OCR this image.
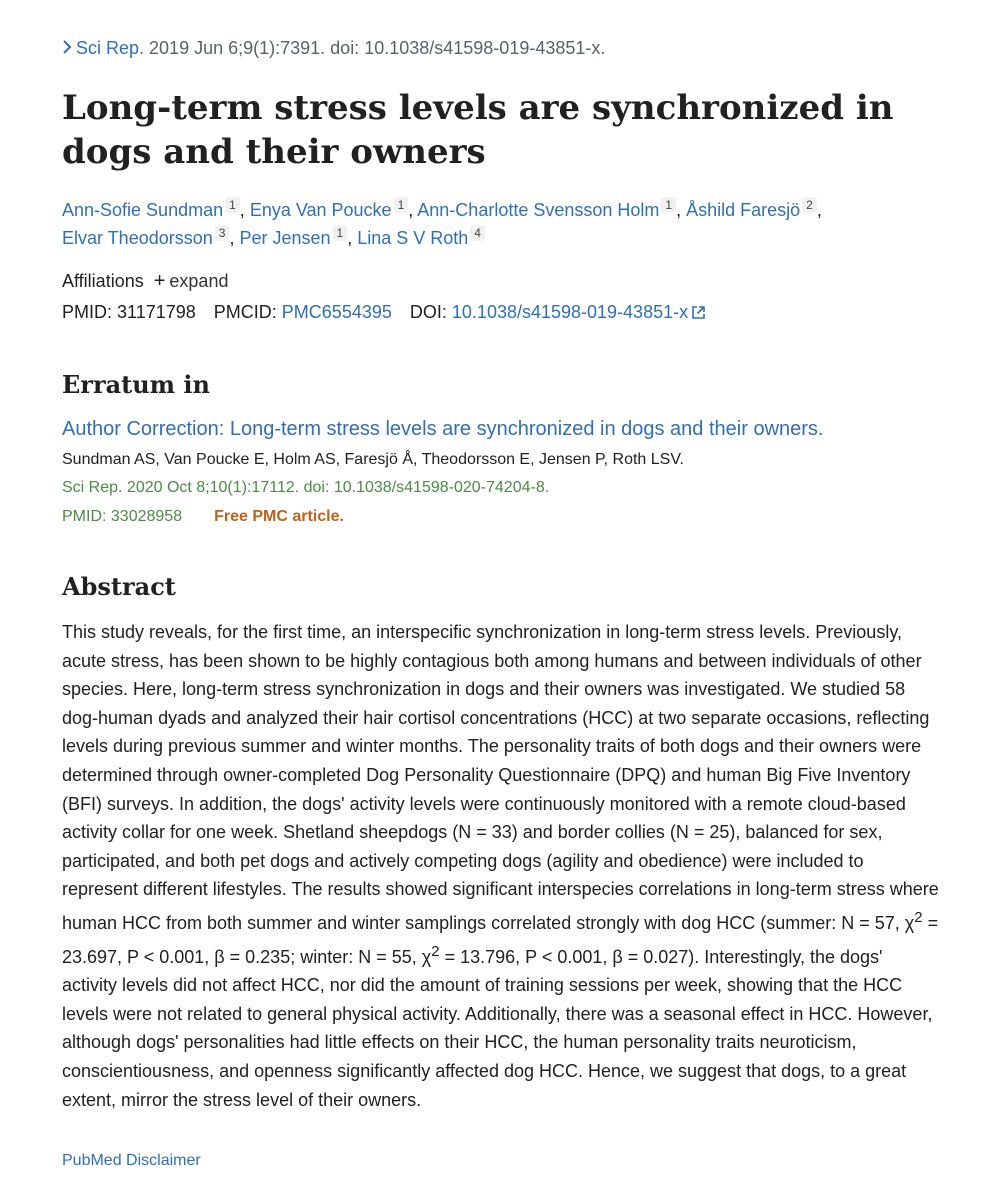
Sci Rep. 2019 Jun 6;9(1):7391. doi: 10.1038/s41598-019-43851-x.
Long-term stress levels are synchronized in dogs and their owners
Ann-Sofie Sundman 1 , Enya Van Poucke 1 , Ann-Charlotte Svensson Holm 1 , Åshild Faresjö 2 ,
Elvar Theodorsson 3 , Per Jensen 1 , Lina S V Roth 4
Affiliations + expand
PMID: 31171798 PMCID: PMC6554395 DOI: 10.1038/s41598-019-43851-x
Erratum in
Author Correction: Long-term stress levels are synchronized in dogs and their owners.
Sundman AS, Van Poucke E, Holm AS, Faresjö Å, Theodorsson E, Jensen P, Roth LSV.
Sci Rep. 2020 Oct 8;10(1):17112. doi: 10.1038/s41598-020-74204-8.
PMID: 33028958 Free PMC article.
Abstract

This study reveals, for the first time, an interspecific synchronization in long-term stress levels. Previously, acute stress, has been shown to be highly contagious both among humans and between individuals of other species. Here, long-term stress synchronization in dogs and their owners was investigated. We studied 58 dog-human dyads and analyzed their hair cortisol concentrations (HCC) at two separate occasions, reflecting levels during previous summer and winter months. The personality traits of both dogs and their owners were determined through owner-completed Dog Personality Questionnaire (DPQ) and human Big Five Inventory (BFI) surveys. In addition, the dogs' activity levels were continuously monitored with a remote cloud-based activity collar for one week. Shetland sheepdogs (N = 33) and border collies (N = 25), balanced for sex, participated, and both pet dogs and actively competing dogs (agility and obedience) were included to represent different lifestyles. The results showed significant interspecies correlations in long-term stress where human HCC from both summer and winter samplings correlated strongly with dog HCC (summer: N = 57, $\chi^2 = 23.697$, P < 0.001, β = 0.235; winter: N = 55, $\chi^2 = 13.796$, P < 0.001, β = 0.027). Interestingly, the dogs' activity levels did not affect HCC, nor did the amount of training sessions per week, showing that the HCC levels were not related to general physical activity. Additionally, there was a seasonal effect in HCC. However, although dogs' personalities had little effects on their HCC, the human personality traits neuroticism, conscientiousness, and openness significantly affected dog HCC. Hence, we suggest that dogs, to a great extent, mirror the stress level of their owners.

PubMed Disclaimer
